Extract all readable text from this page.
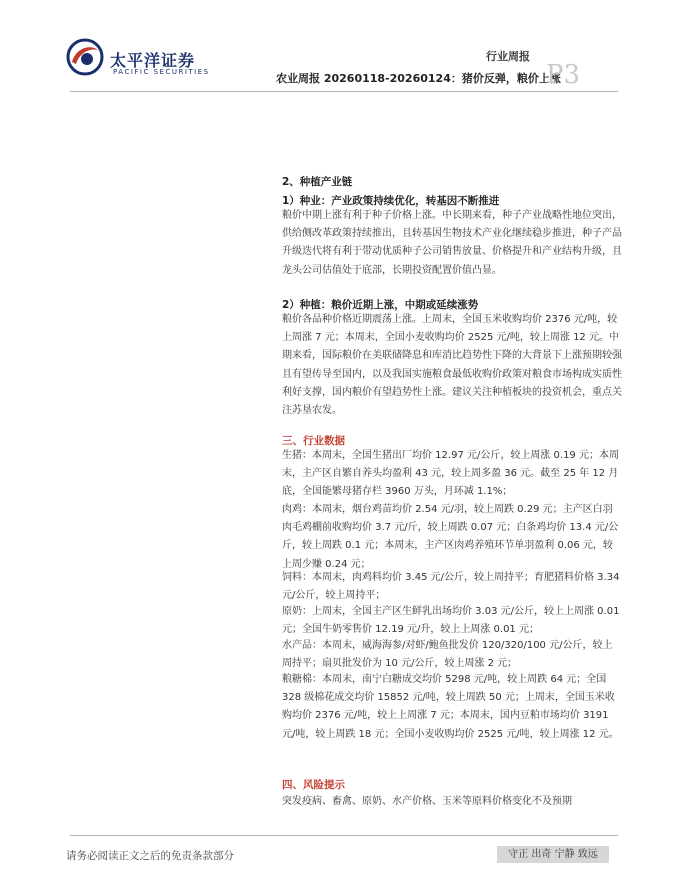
太平洋证券
PACIFIC SECURITIES
行业周报
农业周报 20260118-20260124：猪价反弹，粮价上涨
P3
2、种植产业链
1）种业：产业政策持续优化，转基因不断推进

粮价中期上涨有利于种子价格上涨。中长期来看，种子产业战略性地位突出，供给侧改革政策持续推出，且转基因生物技术产业化继续稳步推进，种子产品升级迭代将有利于带动优质种子公司销售放量、价格提升和产业结构升级，且龙头公司估值处于底部，长期投资配置价值凸显。

2）种植：粮价近期上涨，中期或延续涨势

粮价各品种价格近期震荡上涨。上周末，全国玉米收购均价 2376 元/吨，较上周涨 7 元；本周末，全国小麦收购均价 2525 元/吨，较上周涨 12 元。中期来看，国际粮价在美联储降息和库消比趋势性下降的大背景下上涨预期较强且有望传导至国内，以及我国实施粮食最低收购价政策对粮食市场构成实质性利好支撑，国内粮价有望趋势性上涨。建议关注种植板块的投资机会，重点关注苏垦农发。

三、行业数据

生猪：本周末，全国生猪出厂均价 12.97 元/公斤，较上周涨 0.19 元；本周末，主产区自繁自养头均盈利 43 元，较上周多盈 36 元。截至 25 年 12 月底，全国能繁母猪存栏 3960 万头，月环减 1.1%；

肉鸡：本周末，烟台鸡苗均价 2.54 元/羽，较上周跌 0.29 元；主产区白羽肉毛鸡棚前收购均价 3.7 元/斤，较上周跌 0.07 元；白条鸡均价 13.4 元/公斤，较上周跌 0.1 元；本周末，主产区肉鸡养殖环节单羽盈利 0.06 元，较上周少赚 0.24 元；

饲料：本周末，肉鸡料均价 3.45 元/公斤，较上周持平；育肥猪料价格 3.34 元/公斤，较上周持平；

原奶：上周末，全国主产区生鲜乳出场均价 3.03 元/公斤，较上上周涨 0.01 元；全国牛奶零售价 12.19 元/升，较上上周涨 0.01 元；

水产品：本周末，威海海参/对虾/鲍鱼批发价 120/320/100 元/公斤，较上周持平；扇贝批发价为 10 元/公斤，较上周涨 2 元；

粮糖棉：本周末，南宁白糖成交均价 5298 元/吨，较上周跌 64 元；全国 328 级棉花成交均价 15852 元/吨，较上周跌 50 元；上周末，全国玉米收购均价 2376 元/吨，较上上周涨 7 元；本周末，国内豆粕市场均价 3191 元/吨，较上周跌 18 元；全国小麦收购均价 2525 元/吨，较上周涨 12 元。

四、风险提示

突发疫病、畜禽、原奶、水产价格、玉米等原料价格变化不及预期

请务必阅读正文之后的免责条款部分	守正 出奇 宁静 致远
